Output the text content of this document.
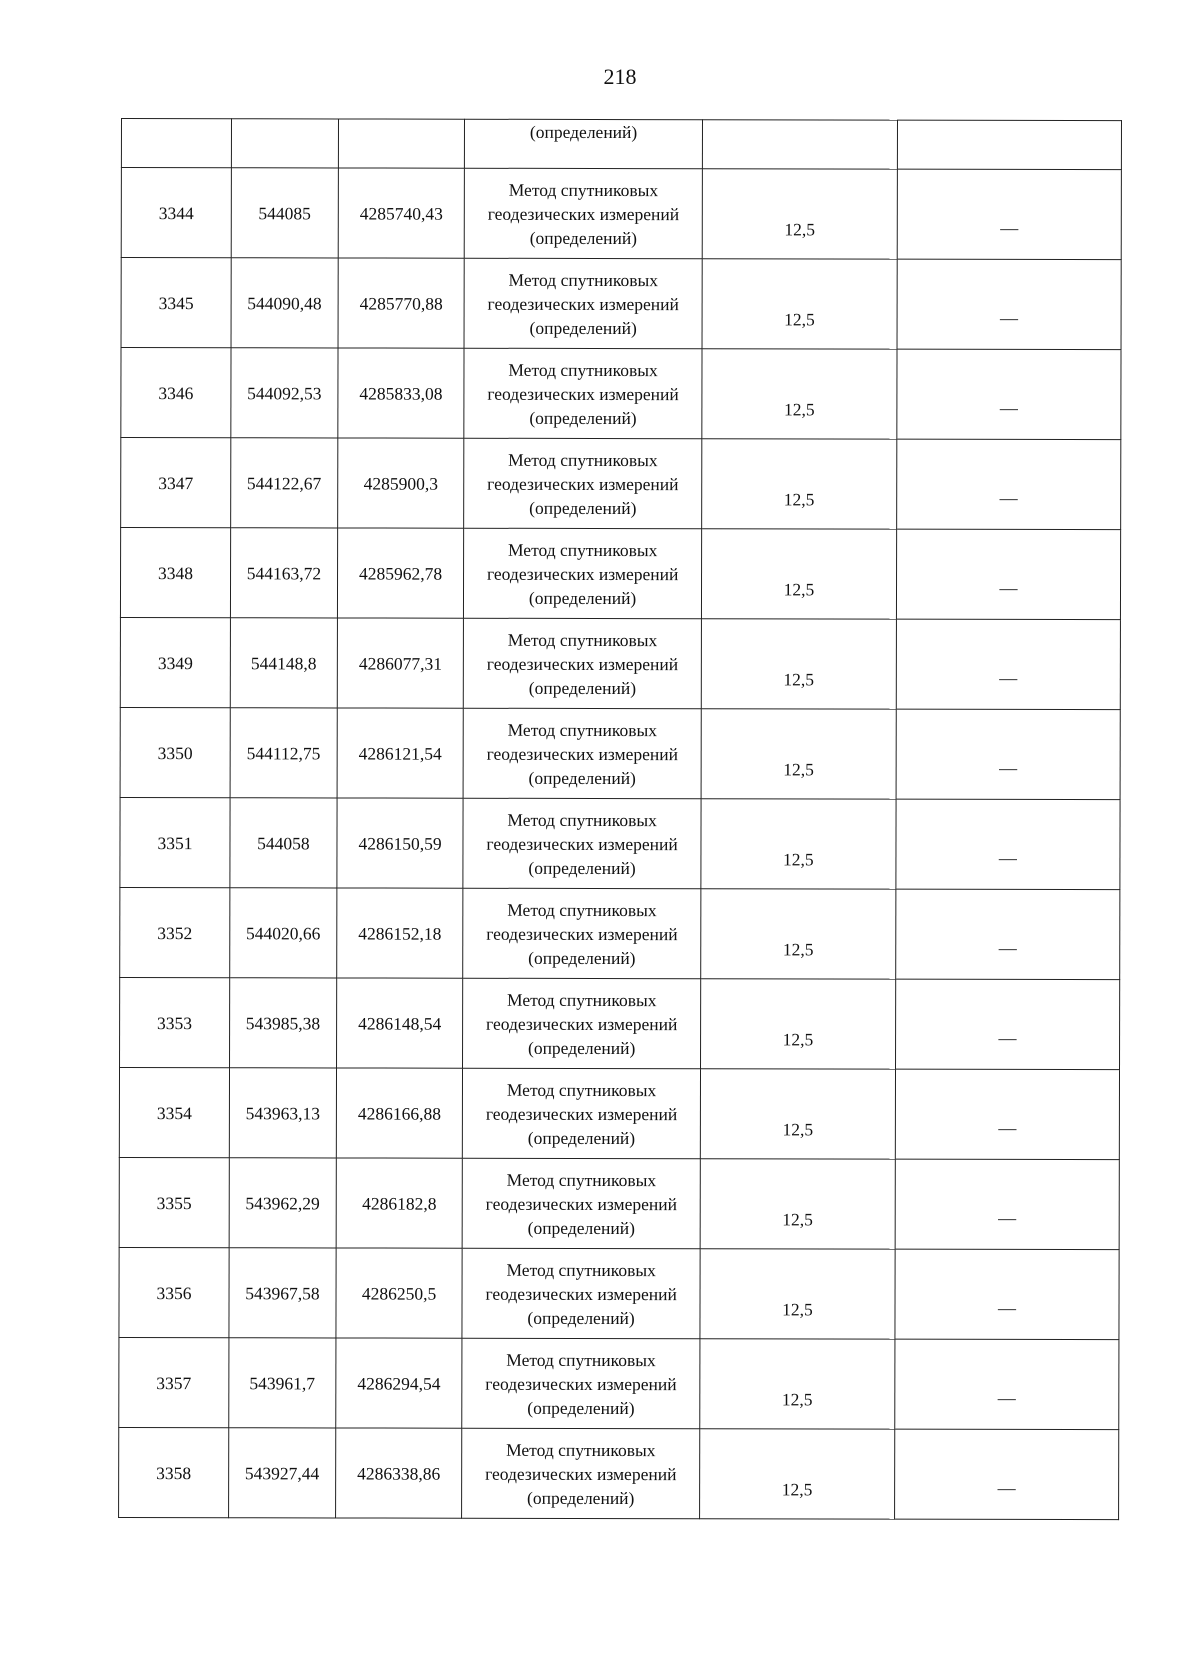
218
			(определений)		
3344	544085	4285740,43	Метод спутниковых
геодезических измерений
(определений)	12,5	—
3345	544090,48	4285770,88	Метод спутниковых
геодезических измерений
(определений)	12,5	—
3346	544092,53	4285833,08	Метод спутниковых
геодезических измерений
(определений)	12,5	—
3347	544122,67	4285900,3	Метод спутниковых
геодезических измерений
(определений)	12,5	—
3348	544163,72	4285962,78	Метод спутниковых
геодезических измерений
(определений)	12,5	—
3349	544148,8	4286077,31	Метод спутниковых
геодезических измерений
(определений)	12,5	—
3350	544112,75	4286121,54	Метод спутниковых
геодезических измерений
(определений)	12,5	—
3351	544058	4286150,59	Метод спутниковых
геодезических измерений
(определений)	12,5	—
3352	544020,66	4286152,18	Метод спутниковых
геодезических измерений
(определений)	12,5	—
3353	543985,38	4286148,54	Метод спутниковых
геодезических измерений
(определений)	12,5	—
3354	543963,13	4286166,88	Метод спутниковых
геодезических измерений
(определений)	12,5	—
3355	543962,29	4286182,8	Метод спутниковых
геодезических измерений
(определений)	12,5	—
3356	543967,58	4286250,5	Метод спутниковых
геодезических измерений
(определений)	12,5	—
3357	543961,7	4286294,54	Метод спутниковых
геодезических измерений
(определений)	12,5	—
3358	543927,44	4286338,86	Метод спутниковых
геодезических измерений
(определений)	12,5	—
